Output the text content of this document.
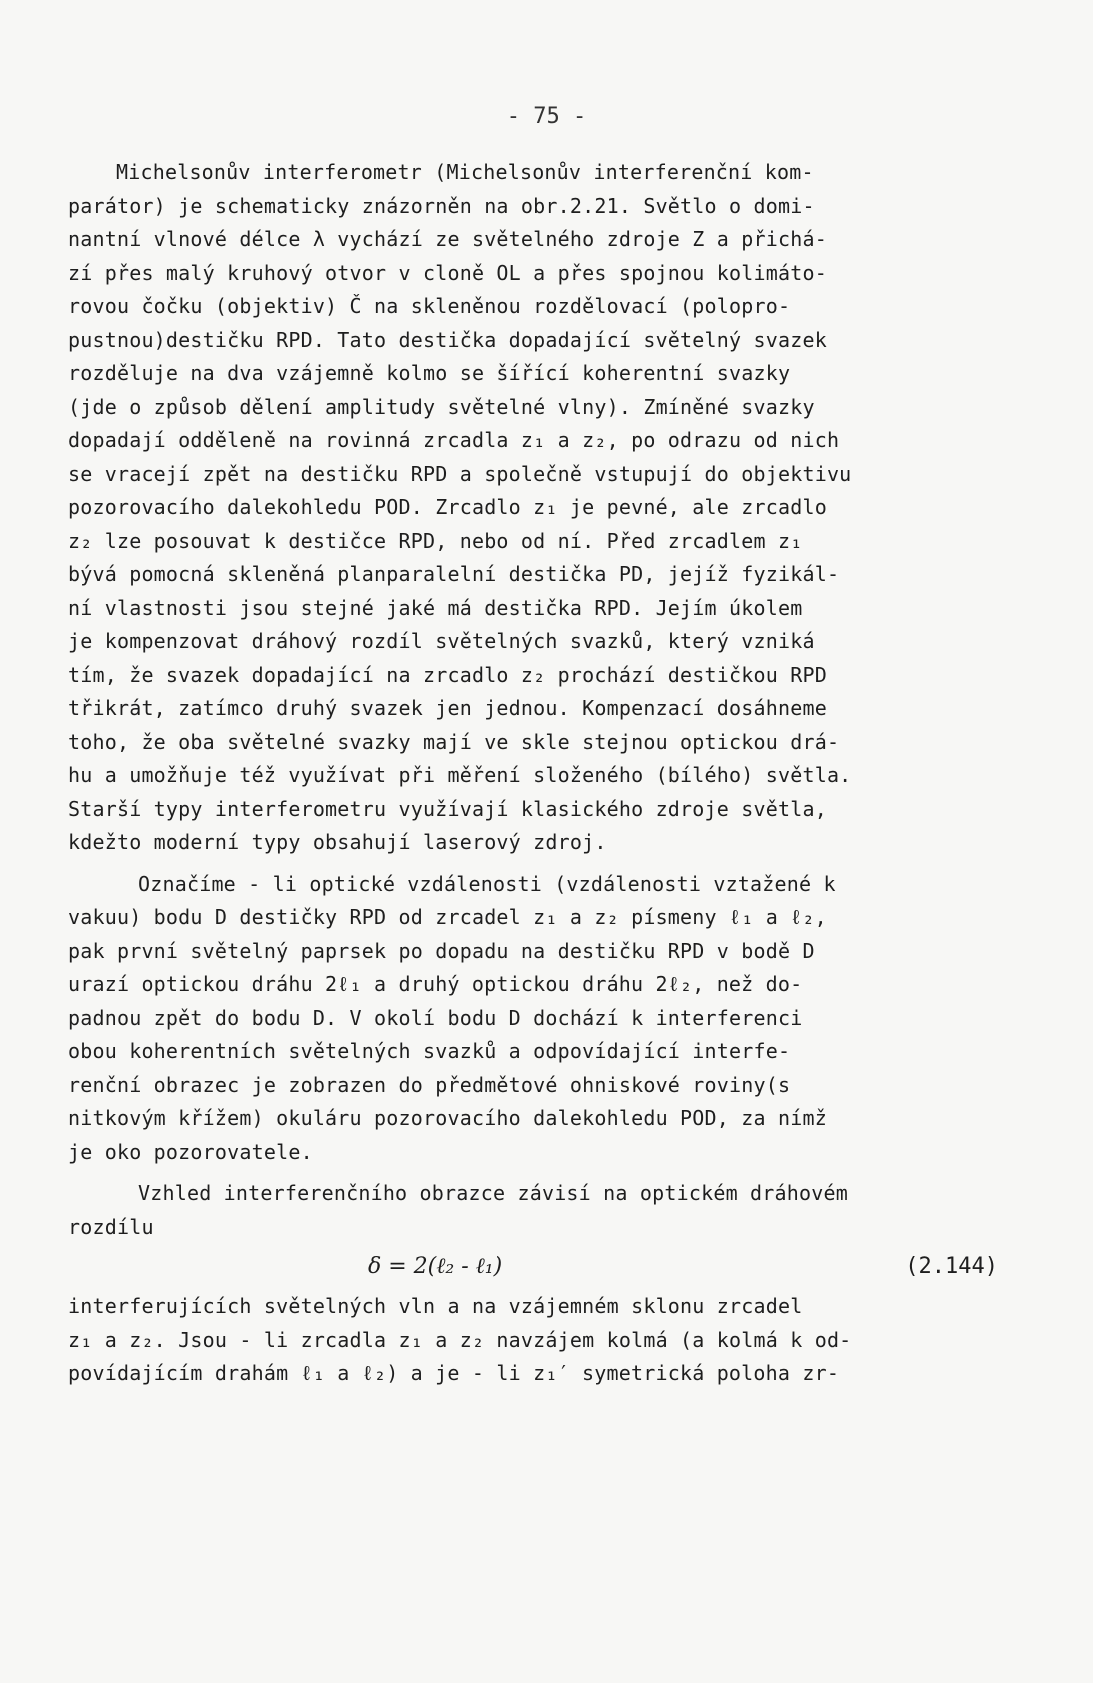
- 75 -
Michelsonův interferometr (Michelsonův interferenční kom-
parátor) je schematicky znázorněn na obr.2.21. Světlo o domi-
nantní vlnové délce λ vychází ze světelného zdroje Z a přichá-
zí přes malý kruhový otvor v cloně OL a přes spojnou kolimáto-
rovou čočku (objektiv) Č na skleněnou rozdělovací (polopro-
pustnou)destičku RPD. Tato destička dopadající světelný svazek
rozděluje na dva vzájemně kolmo se šířící koherentní svazky
(jde o způsob dělení amplitudy světelné vlny). Zmíněné svazky
dopadají odděleně na rovinná zrcadla z₁ a z₂, po odrazu od nich
se vracejí zpět na destičku RPD a společně vstupují do objektivu
pozorovacího dalekohledu POD. Zrcadlo z₁ je pevné, ale zrcadlo
z₂ lze posouvat k destičce RPD, nebo od ní. Před zrcadlem z₁
bývá pomocná skleněná planparalelní destička PD, jejíž fyzikál-
ní vlastnosti jsou stejné jaké má destička RPD. Jejím úkolem
je kompenzovat dráhový rozdíl světelných svazků, který vzniká
tím, že svazek dopadající na zrcadlo z₂ prochází destičkou RPD
třikrát, zatímco druhý svazek jen jednou. Kompenzací dosáhneme
toho, že oba světelné svazky mají ve skle stejnou optickou drá-
hu a umožňuje též využívat při měření složeného (bílého) světla.
Starší typy interferometru využívají klasického zdroje světla,
kdežto moderní typy obsahují laserový zdroj.
Označíme - li optické vzdálenosti (vzdálenosti vztažené k
vakuu) bodu D destičky RPD od zrcadel z₁ a z₂ písmeny ℓ₁ a ℓ₂,
pak první světelný paprsek po dopadu na destičku RPD v bodě D
urazí optickou dráhu 2ℓ₁ a druhý optickou dráhu 2ℓ₂, než do-
padnou zpět do bodu D. V okolí bodu D dochází k interferenci
obou koherentních světelných svazků a odpovídající interfe-
renční obrazec je zobrazen do předmětové ohniskové roviny(s
nitkovým křížem) okuláru pozorovacího dalekohledu POD, za nímž
je oko pozorovatele.
Vzhled interferenčního obrazce závisí na optickém dráhovém
rozdílu
δ = 2(ℓ₂ - ℓ₁)	(2.144)
interferujících světelných vln a na vzájemném sklonu zrcadel
z₁ a z₂. Jsou - li zrcadla z₁ a z₂ navzájem kolmá (a kolmá k od-
povídajícím drahám ℓ₁ a ℓ₂) a je - li z₁′ symetrická poloha zr-
